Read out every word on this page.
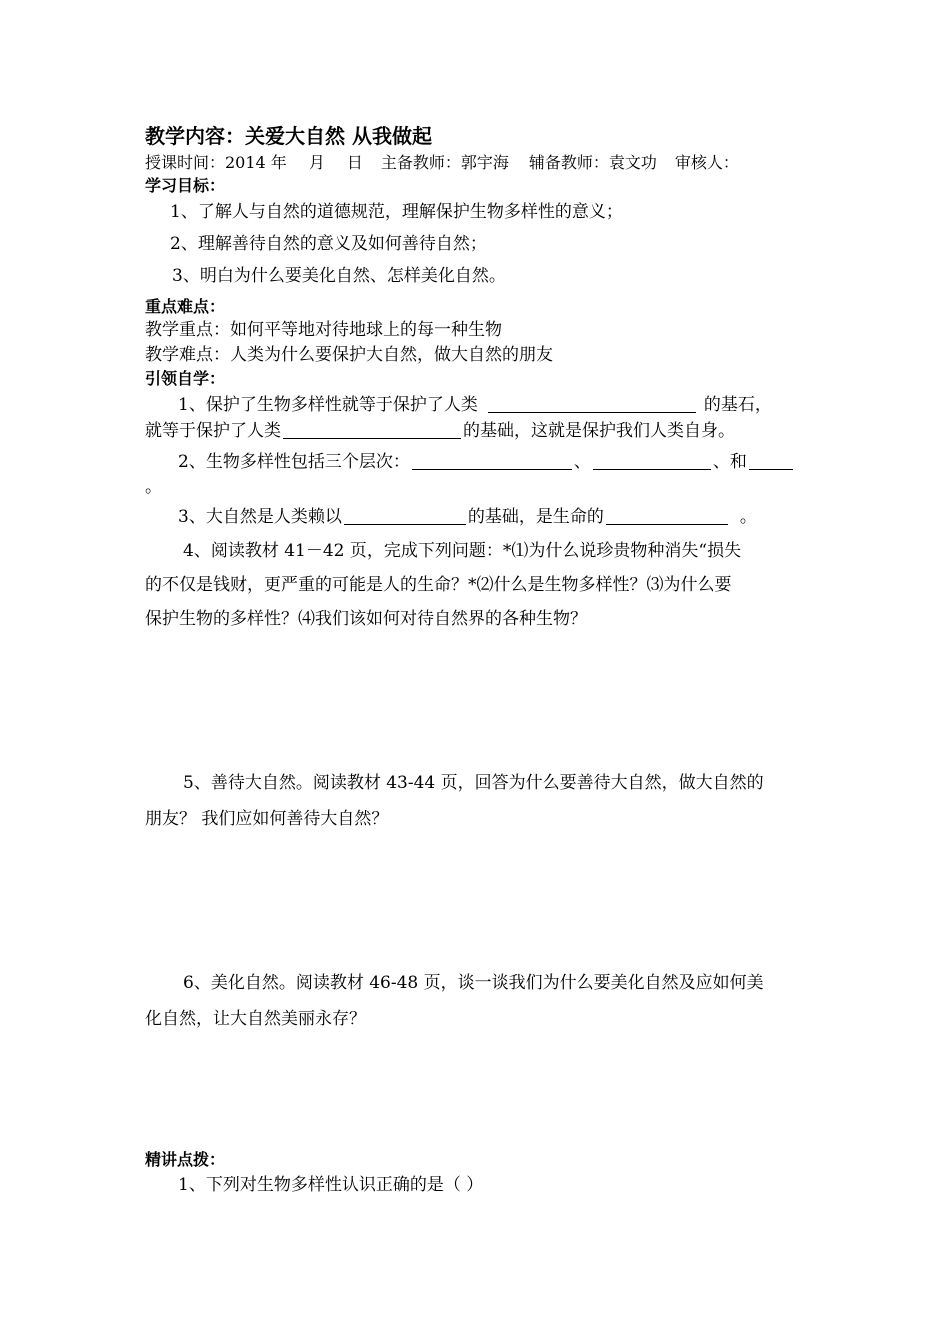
教学内容：关爱大自然 从我做起
授课时间：2014 年 月 日 主备教师：郭宇海 辅备教师：袁文功 审核人：
学习目标：
1、了解人与自然的道德规范，理解保护生物多样性的意义；
2、理解善待自然的意义及如何善待自然；
3、明白为什么要美化自然、怎样美化自然。
重点难点：
教学重点：如何平等地对待地球上的每一种生物
教学难点：人类为什么要保护大自然，做大自然的朋友
引领自学：
1、保护了生物多样性就等于保护了人类	的基石，
就等于保护了人类	的基础，这就是保护我们人类自身。
2、生物多样性包括三个层次：	、	、和
。
3、大自然是人类赖以	的基础，是生命的	。
4、阅读教材 41－42 页，完成下列问题：*⑴为什么说珍贵物种消失“损失
的不仅是钱财，更严重的可能是人的生命？*⑵什么是生物多样性？⑶为什么要
保护生物的多样性？⑷我们该如何对待自然界的各种生物？
5、善待大自然。阅读教材 43-44 页，回答为什么要善待大自然，做大自然的
朋友？ 我们应如何善待大自然？
6、美化自然。阅读教材 46-48 页，谈一谈我们为什么要美化自然及应如何美
化自然，让大自然美丽永存？
精讲点拨：
1、下列对生物多样性认识正确的是（ ）
